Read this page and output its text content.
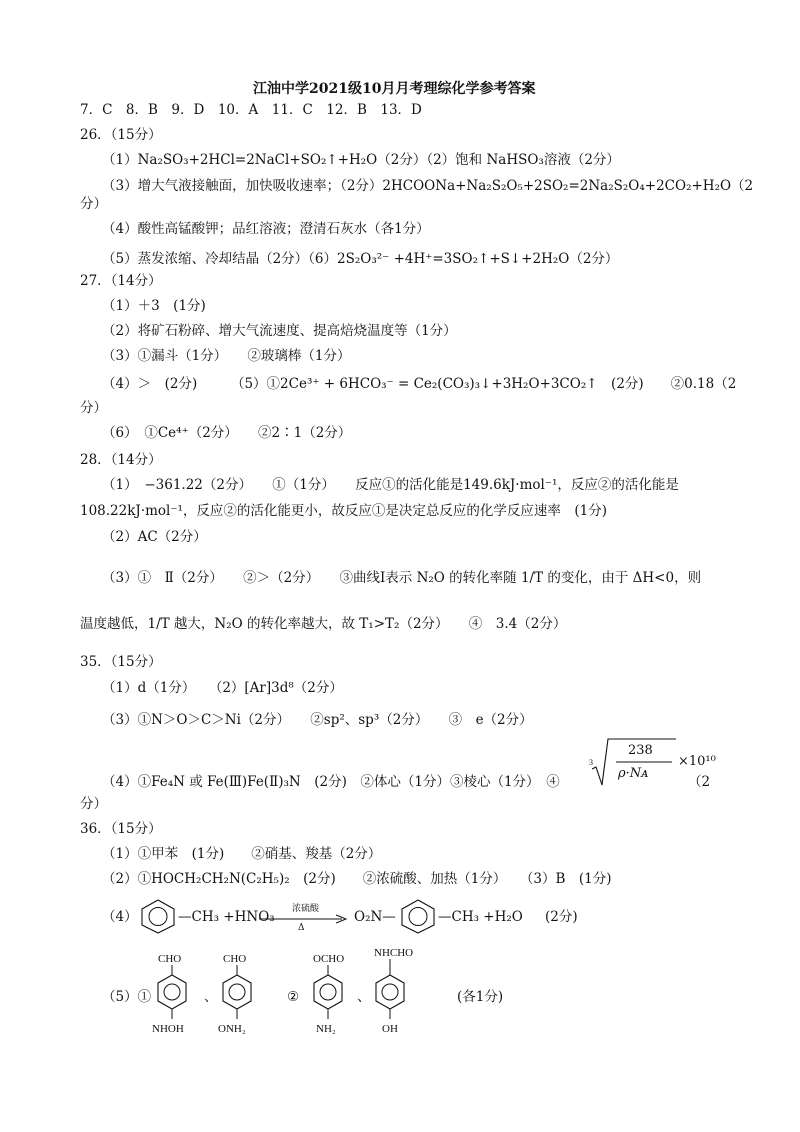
江油中学2021级10月月考理综化学参考答案
7．C　8．B　9．D　10．A　11．C　12．B　13．D
26．（15分）
（1）Na₂SO₃+2HCl=2NaCl+SO₂↑+H₂O（2分）（2）饱和 NaHSO₃溶液（2分）
（3）增大气液接触面，加快吸收速率；（2分）2HCOONa+Na₂S₂O₅+2SO₂=2Na₂S₂O₄+2CO₂+H₂O（2
分）
（4）酸性高锰酸钾；品红溶液；澄清石灰水（各1分）
（5）蒸发浓缩、冷却结晶（2分）（6）2S₂O₃²⁻ +4H⁺=3SO₂↑+S↓+2H₂O（2分）
27．（14分）
（1）＋3　(1分)
（2）将矿石粉碎、增大气流速度、提高焙烧温度等（1分）
（3）①漏斗（1分）　　②玻璃棒（1分）
（4）＞　(2分)　　　（5）①2Ce³⁺ + 6HCO₃⁻ = Ce₂(CO₃)₃↓+3H₂O+3CO₂↑　(2分)　　②0.18（2
分）
（6）　①Ce⁴⁺（2分）　　②2∶1（2分）
28．（14分）
（1）　−361.22（2分）　　①（1分）　　反应①的活化能是149.6kJ·mol⁻¹，反应②的活化能是
108.22kJ·mol⁻¹，反应②的活化能更小，故反应①是决定总反应的化学反应速率　(1分)
（2）AC（2分）
（3）①　Ⅱ（2分）　　②＞（2分）　　③曲线Ⅰ表示 N₂O 的转化率随 1/T 的变化，由于 ΔH<0，则
温度越低，1/T 越大，N₂O 的转化率越大，故 T₁>T₂（2分）　　④　3.4（2分）
35．（15分）
（1）d（1分）　　（2）[Ar]3d⁸（2分）
（3）①N＞O＞C＞Ni（2分）　　②sp²、sp³（2分）　　③　e（2分）
（4）①Fe₄N 或 Fe(Ⅲ)Fe(Ⅱ)₃N　(2分)　②体心（1分）③棱心（1分）　④
3
238
ρ·Nᴀ
×10¹⁰
（2
分）
36．（15分）
（1）①甲苯　(1分)　　②硝基、羧基（2分）
（2）①HOCH₂CH₂N(C₂H₅)₂　(2分)　　②浓硫酸、加热（1分）　　（3）B　(1分)
（4）	—CH₃ +HNO₃ 浓硫酸
Δ
O₂N—	—CH₃ +H₂O (2分)
（5）①
CHO
NHOH
、
CHO
ONH₂
②
OCHO
NH₂
、
NHCHO
OH
(各1分)
